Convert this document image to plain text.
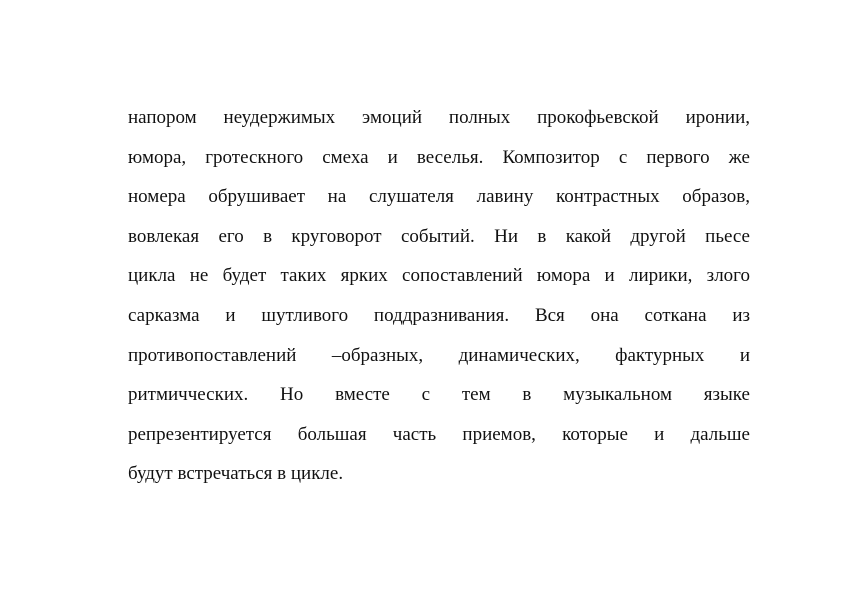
напором неудержимых эмоций полных прокофьевской иронии,
юмора, гротескного смеха и веселья. Композитор с первого же
номера обрушивает на слушателя лавину контрастных образов,
вовлекая его в круговорот событий. Ни в какой другой пьесе
цикла не будет таких ярких сопоставлений юмора и лирики, злого
сарказма и шутливого поддразнивания. Вся она соткана из
противопоставлений –образных, динамических, фактурных и
ритмичческих. Но вместе с тем в музыкальном языке
репрезентируется большая часть приемов, которые и дальше
будут встречаться в цикле.
